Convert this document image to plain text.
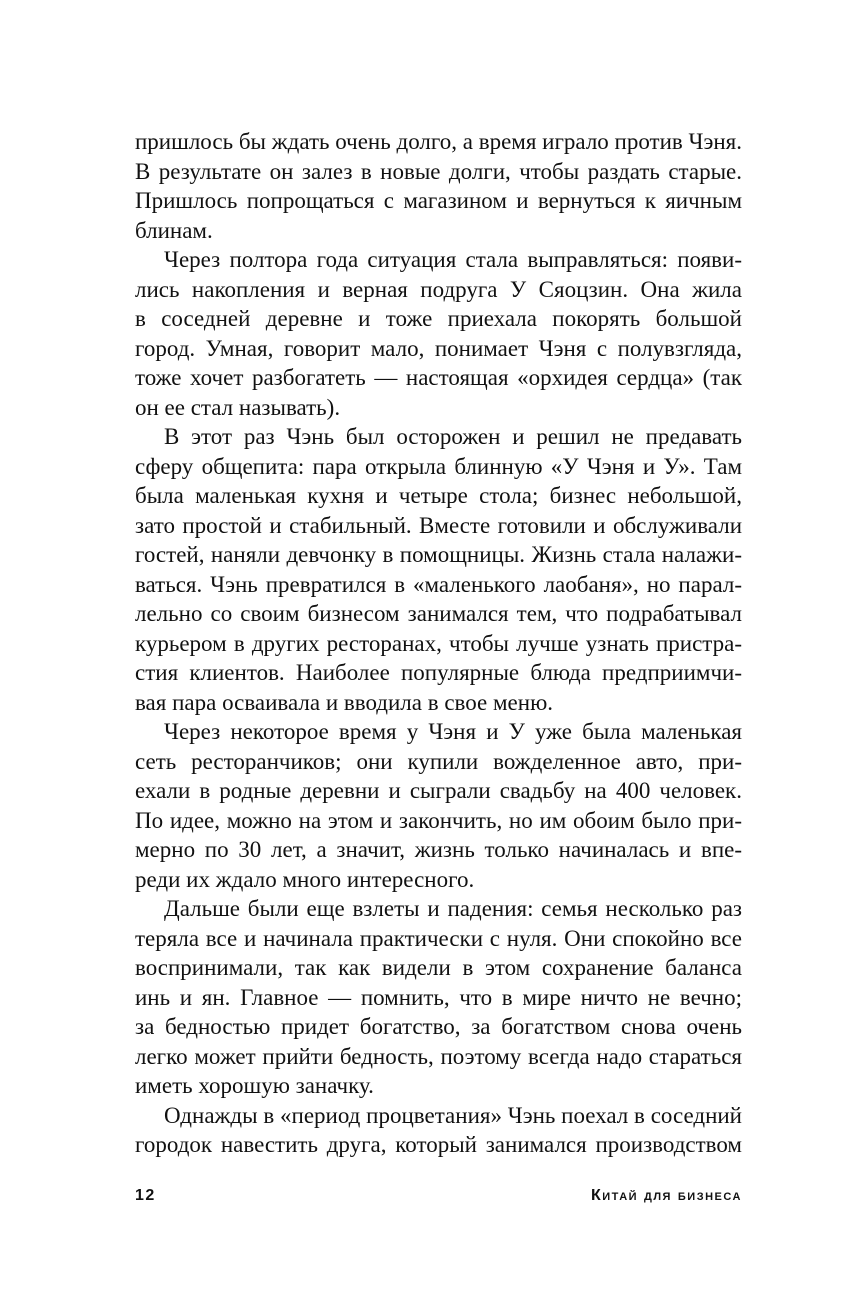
пришлось бы ждать очень долго, а время играло против Чэня.
В результате он залез в новые долги, чтобы раздать старые.
Пришлось попрощаться с магазином и вернуться к яичным
блинам.
Через полтора года ситуация стала выправляться: появи-
лись накопления и верная подруга У Сяоцзин. Она жила
в соседней деревне и тоже приехала покорять большой
город. Умная, говорит мало, понимает Чэня с полувзгляда,
тоже хочет разбогатеть — настоящая «орхидея сердца» (так
он ее стал называть).
В этот раз Чэнь был осторожен и решил не предавать
сферу общепита: пара открыла блинную «У Чэня и У». Там
была маленькая кухня и четыре стола; бизнес небольшой,
зато простой и стабильный. Вместе готовили и обслуживали
гостей, наняли девчонку в помощницы. Жизнь стала налажи-
ваться. Чэнь превратился в «маленького лаобаня», но парал-
лельно со своим бизнесом занимался тем, что подрабатывал
курьером в других ресторанах, чтобы лучше узнать пристра-
стия клиентов. Наиболее популярные блюда предприимчи-
вая пара осваивала и вводила в свое меню.
Через некоторое время у Чэня и У уже была маленькая
сеть ресторанчиков; они купили вожделенное авто, при-
ехали в родные деревни и сыграли свадьбу на 400 человек.
По идее, можно на этом и закончить, но им обоим было при-
мерно по 30 лет, а значит, жизнь только начиналась и впе-
реди их ждало много интересного.
Дальше были еще взлеты и падения: семья несколько раз
теряла все и начинала практически с нуля. Они спокойно все
воспринимали, так как видели в этом сохранение баланса
инь и ян. Главное — помнить, что в мире ничто не вечно;
за бедностью придет богатство, за богатством снова очень
легко может прийти бедность, поэтому всегда надо стараться
иметь хорошую заначку.
Однажды в «период процветания» Чэнь поехал в соседний
городок навестить друга, который занимался производством
12	Китай для бизнеса
